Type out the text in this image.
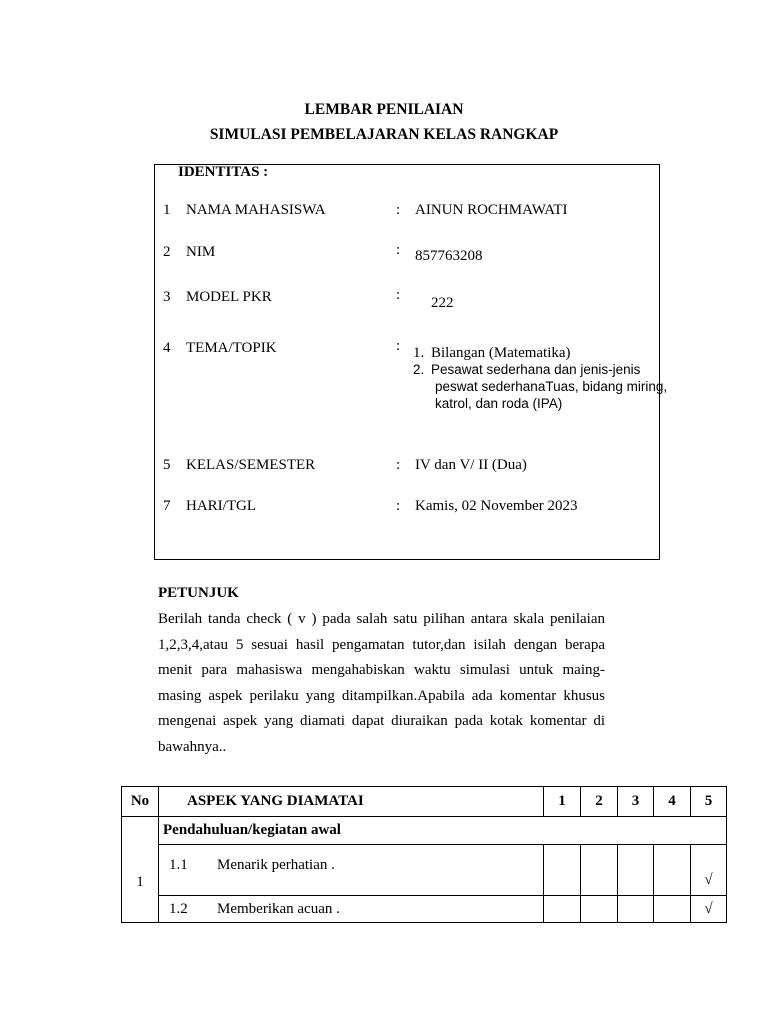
LEMBAR PENILAIAN
SIMULASI PEMBELAJARAN KELAS RANGKAP
IDENTITAS :
1 NAMA MAHASISWA	: AINUN ROCHMAWATI
2 NIM	: 857763208
3 MODEL PKR	: 222
4 TEMA/TOPIK	: 1. Bilangan (Matematika)
2. Pesawat sederhana dan jenis-jenis
peswat sederhanaTuas, bidang miring,
katrol, dan roda (IPA)
5 KELAS/SEMESTER	: IV dan V/ II (Dua)
7 HARI/TGL	: Kamis, 02 November 2023
PETUNJUK
Berilah tanda check ( v ) pada salah satu pilihan antara skala penilaian 1,2,3,4,atau 5 sesuai hasil pengamatan tutor,dan isilah dengan berapa menit para mahasiswa mengahabiskan waktu simulasi untuk maing-masing aspek perilaku yang ditampilkan.Apabila ada komentar khusus mengenai aspek yang diamati dapat diuraikan pada kotak komentar di bawahnya..
No	ASPEK YANG DIAMATAI	1	2	3	4	5
1	Pendahuluan/kegiatan awal					
	1.1 Menarik perhatian .					√
	1.2 Memberikan acuan .					√
